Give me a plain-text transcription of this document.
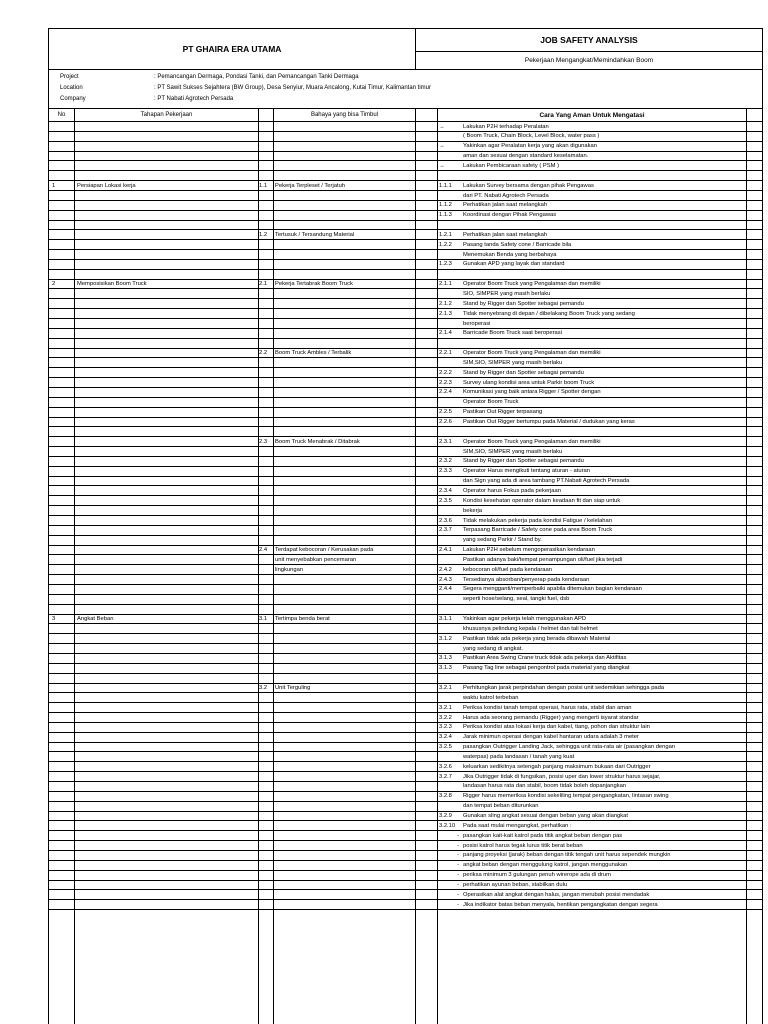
PT GHAIRA ERA UTAMA
JOB SAFETY ANALYSIS
Pekerjaan Mengangkat/Memindahkan Boom
Project	: Pemancangan Dermaga, Pondasi Tanki, dan Pemancangan Tanki Dermaga
Location	: PT Sawit Sukses Sejahtera (BW Group), Desa Senyiur, Muara Ancalong, Kutai Timur, Kalimantan timur
Company	: PT Nabati Agrotech Persada
No	Tahapan Pekerjaan	Bahaya yang bisa Timbul	Cara Yang Aman Untuk Mengatasi
→	Lakukan P2H terhadap Peralatan
( Boom Truck, Chain Block, Level Block, water pass )
→	Yakinkan agar Peralatan kerja yang akan digunakan
aman dan sesuai dengan standard keselamatan.
→	Lakukan Pembicaraan safety ( PSM )
1	Persiapan Lokasi kerja	1.1	Pekerja Terpleset / Terjatuh	1.1.1	Lakukan Survey bersama dengan pihak Pengawas
dari PT. Nabati Agrotech Persada
1.1.2	Perhatikan jalan saat melangkah
1.1.3	Koordinasi dengan Pihak Pengawas
1.2	Tertusuk / Tersandung Material	1.2.1	Perhatikan jalan saat melangkah
1.2.2	Pasang tanda Safety cone / Barricade bila
Menemukan Benda yang berbahaya
1.2.3	Gunakan APD yang layak dan standard
2	Memposisikan Boom Truck	2.1	Pekerja Tertabrak Boom Truck	2.1.1	Operator Boom Truck yang Pengalaman dan memiliki
SIO, SIMPER yang masih berlaku
2.1.2	Stand by Rigger dan Spotter sebagai pemandu
2.1.3	Tidak menyebrang di depan / dibelakang Boom Truck yang sedang
beroperasi
2.1.4	Barricade Boom Truck saat beroperasi
2.2	Boom Truck Ambles / Terbalik	2.2.1	Operator Boom Truck yang Pengalaman dan memiliki
SIM,SIO, SIMPER yang masih berlaku
2.2.2	Stand by Rigger dan Spotter sebagai pemandu
2.2.3	Survey ulang kondisi area untuk Parkir boom Truck
2.2.4	Komunikasi yang baik antara Rigger / Spotter dengan
Operator Boom Truck
2.2.5	Pastikan Out Rigger terpasang
2.2.6	Pastikan Out Rigger bertumpu pada Material / dudukan yang keras
2.3	Boom Truck Menabrak / Ditabrak	2.3.1	Operator Boom Truck yang Pengalaman dan memiliki
SIM,SIO, SIMPER yang masih berlaku
2.3.2	Stand by Rigger dan Spotter sebagai pemandu
2.3.3	Operator Harus mengikuti tentang aturan - aturan
dan Sign yang ada di area tambang PT.Nabati Agrotech Persada
2.3.4	Operator harus Fokus pada pekerjaan
2.3.5	Kondisi kesehatan operator dalam keadaan fit dan siap untuk
bekerja
2.3.6	Tidak melakukan pekerja pada kondisi Fatigue / kelelahan
2.3.7	Terpasang Barricade / Safety cone pada area Boom Truck
yang sedang Parkir / Stand by.
2.4	Terdapat kebocoran / Kerusakan pada	2.4.1	Lakukan P2H sebelum mengoperasikan kendaraan
unit menyebabkan pencemaran	Pastikan adanya baki/tempat penampungan oli/fuel jika terjadi
lingkungan	2.4.2	kebocoran oli/fuel pada kendaraan
2.4.3	Tersedianya absorban/penyerap pada kendaraan
2.4.4	Segera mengganti/memperbaiki apabila ditemukan bagian kendaraan
seperti hose/selang, seal, tangki fuel, dsb
3	Angkat Beban	3.1	Tertimpa benda berat	3.1.1	Yakinkan agar pekerja telah menggunakan APD
khususnya pelindung kepala / helmet dan tali helmet
3.1.2	Pastikan tidak ada pekerja yang berada dibawah Material
yang sedang di angkat.
3.1.3	Pastikan Area Swing Crane truck tidak ada pekerja dan Aktifitas
3.1.3	Pasang Tag line sebagai pengontrol pada material yang diangkat
3.2	Unit Terguling	3.2.1	Perhitungkan jarak perpindahan dengan posisi unit sedemikian sehingga pada
waktu katrol terbeban
3.2.1	Periksa kondisi tanah tempat operasi, harus rata, stabil dan aman
3.2.2	Harus ada seorang pemandu (Rigger) yang mengerti isyarat standar
3.2.3	Periksa kondisi atas lokasi kerja dan kabel, tiang, pohon dan struktur lain
3.2.4	Jarak minimun operasi dengan kabel hantaran udara adalah 3 meter
3.2.5	pasangkan Outrigger Landing Jack, sehingga unit rata-rata air (pasangkan dengan
waterpas) pada landasan / tanah yang kuat
3.2.6	keluarkan sedikitnya setengah panjang maksimum bukaan dari Outrigger
3.2.7	Jika Outrigger tidak di fungsikan, posisi uper dan lower struktur harus sejajar,
landasan harus rata dan stabil, boom tidak boleh dopanjangkan
3.2.8	Rigger harus memeriksa kondisi sekeliling tempat pengangkatan, lintasan swing
dan tempat beban diturunkan
3.2.9	Gunakan sling angkat sesuai dengan beban yang akan diangkat
3.2.10	Pada saat mulai mengangkat, perhatikan :
- pasangkan kait-kait katrol pada titik angkat beban dengan pas
- posisi katrol harus tegak lurus titik berat beban
- panjang proyeksi (jarak) beban dengan titik tengah unit harus sependek mungkin
- angkat beban dengan menggulung katrol, jangan menggunakan
- periksa minimum 3 gulungan penuh wirerope ada di drum
- perhatikan ayunan beban, stabilkan dulu
- Operasikan alat angkat dengan halus, jangan merubah posisi mendadak
- Jika indikator batas beban menyala, hentikan pengangkatan dengan segera
